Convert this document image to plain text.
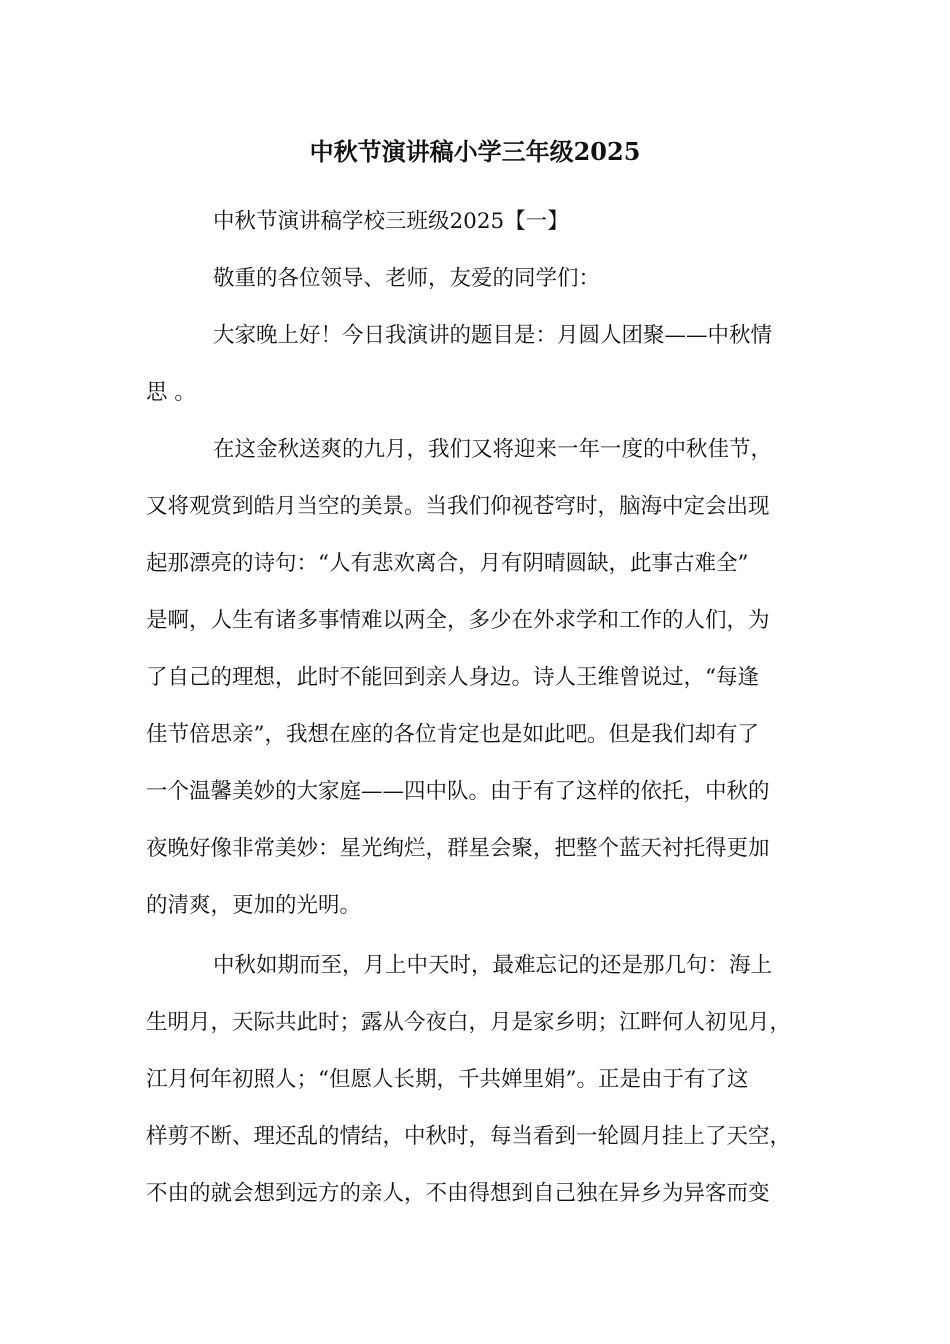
中秋节演讲稿小学三年级2025
中秋节演讲稿学校三班级2025【一】
敬重的各位领导、老师，友爱的同学们：
大家晚上好！今日我演讲的题目是：月圆人团聚——中秋情
思 。
在这金秋送爽的九月，我们又将迎来一年一度的中秋佳节，
又将观赏到皓月当空的美景。当我们仰视苍穹时，脑海中定会出现
起那漂亮的诗句：“人有悲欢离合，月有阴晴圆缺，此事古难全”
是啊，人生有诸多事情难以两全，多少在外求学和工作的人们，为
了自己的理想，此时不能回到亲人身边。诗人王维曾说过，“每逢
佳节倍思亲”，我想在座的各位肯定也是如此吧。但是我们却有了
一个温馨美妙的大家庭——四中队。由于有了这样的依托，中秋的
夜晚好像非常美妙：星光绚烂，群星会聚，把整个蓝天衬托得更加
的清爽，更加的光明。
中秋如期而至，月上中天时，最难忘记的还是那几句：海上
生明月，天际共此时；露从今夜白，月是家乡明；江畔何人初见月，
江月何年初照人；“但愿人长期，千共婵里娟”。正是由于有了这
样剪不断、理还乱的情结，中秋时，每当看到一轮圆月挂上了天空，
不由的就会想到远方的亲人，不由得想到自己独在异乡为异客而变
